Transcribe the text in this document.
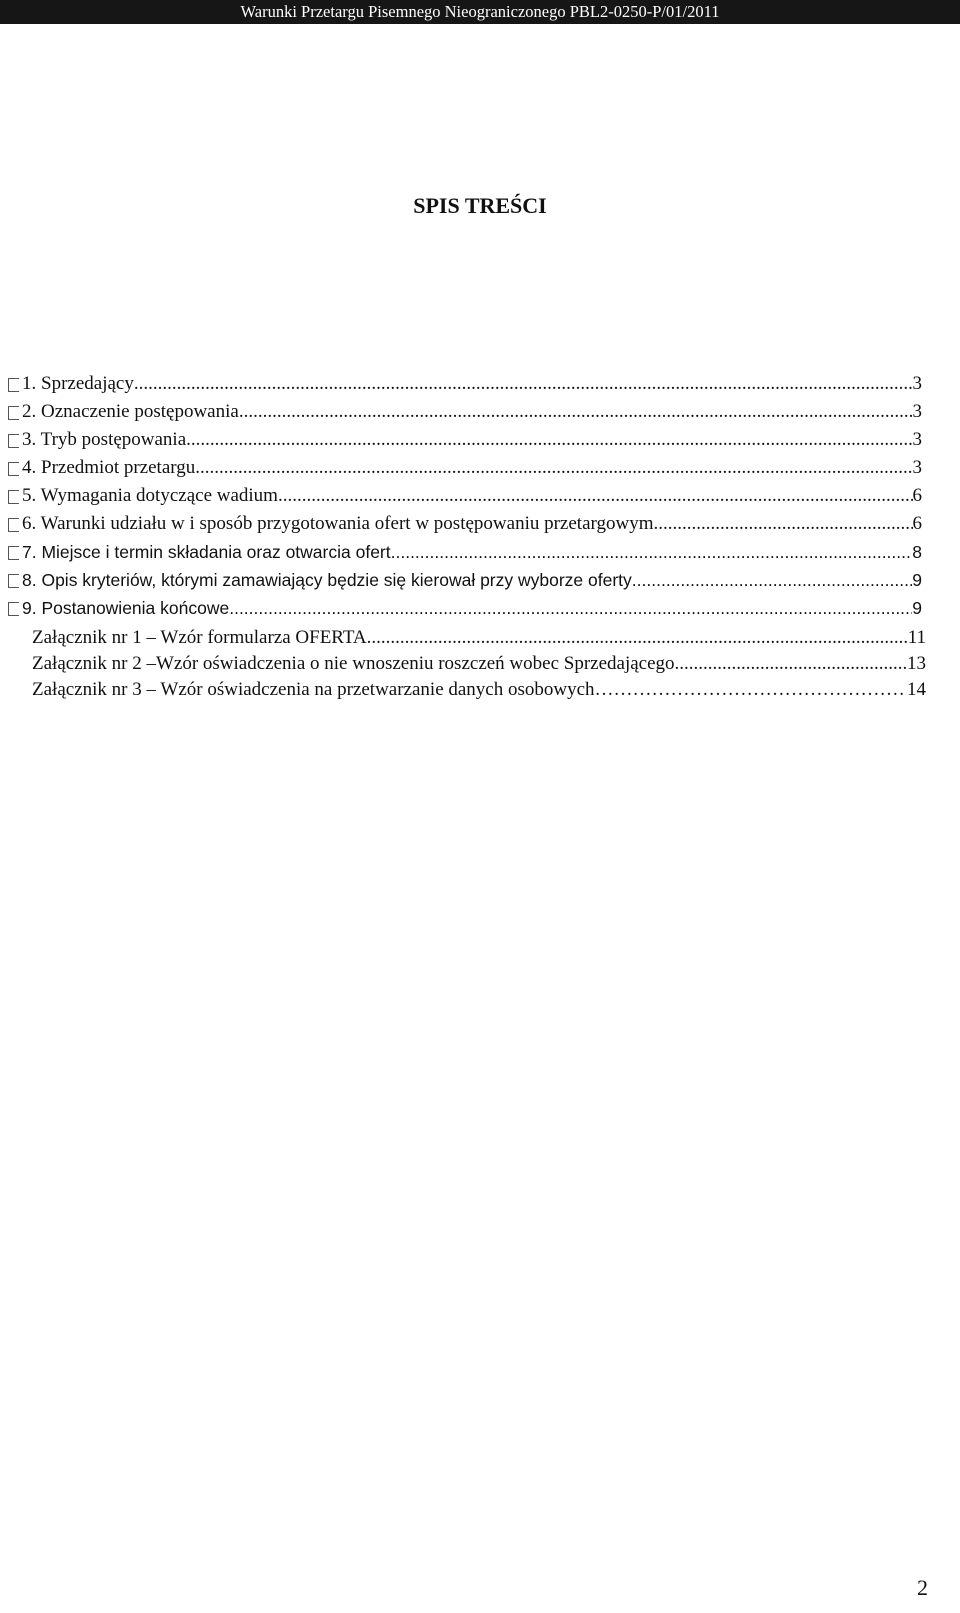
Warunki Przetargu Pisemnego Nieograniczonego PBL2-0250-P/01/2011
SPIS TREŚCI
1. Sprzedający .....	3
2. Oznaczenie postępowania .....	3
3. Tryb postępowania .....	3
4. Przedmiot przetargu .....	3
5. Wymagania dotyczące wadium .....	6
6. Warunki udziału w i sposób przygotowania ofert w postępowaniu przetargowym .....	6
7. Miejsce i termin składania oraz otwarcia ofert .....	8
8. Opis kryteriów, którymi zamawiający będzie się kierował przy wyborze oferty .....	9
9. Postanowienia końcowe .....	9
Załącznik nr 1 – Wzór formularza OFERTA .....	11
Załącznik nr 2 –Wzór oświadczenia o nie wnoszeniu roszczeń wobec Sprzedającego .....	13
Załącznik nr 3 – Wzór oświadczenia na przetwarzanie danych osobowych ………………………………………………………………………………………………………………………………………………………………………………………………………………………	14
2
